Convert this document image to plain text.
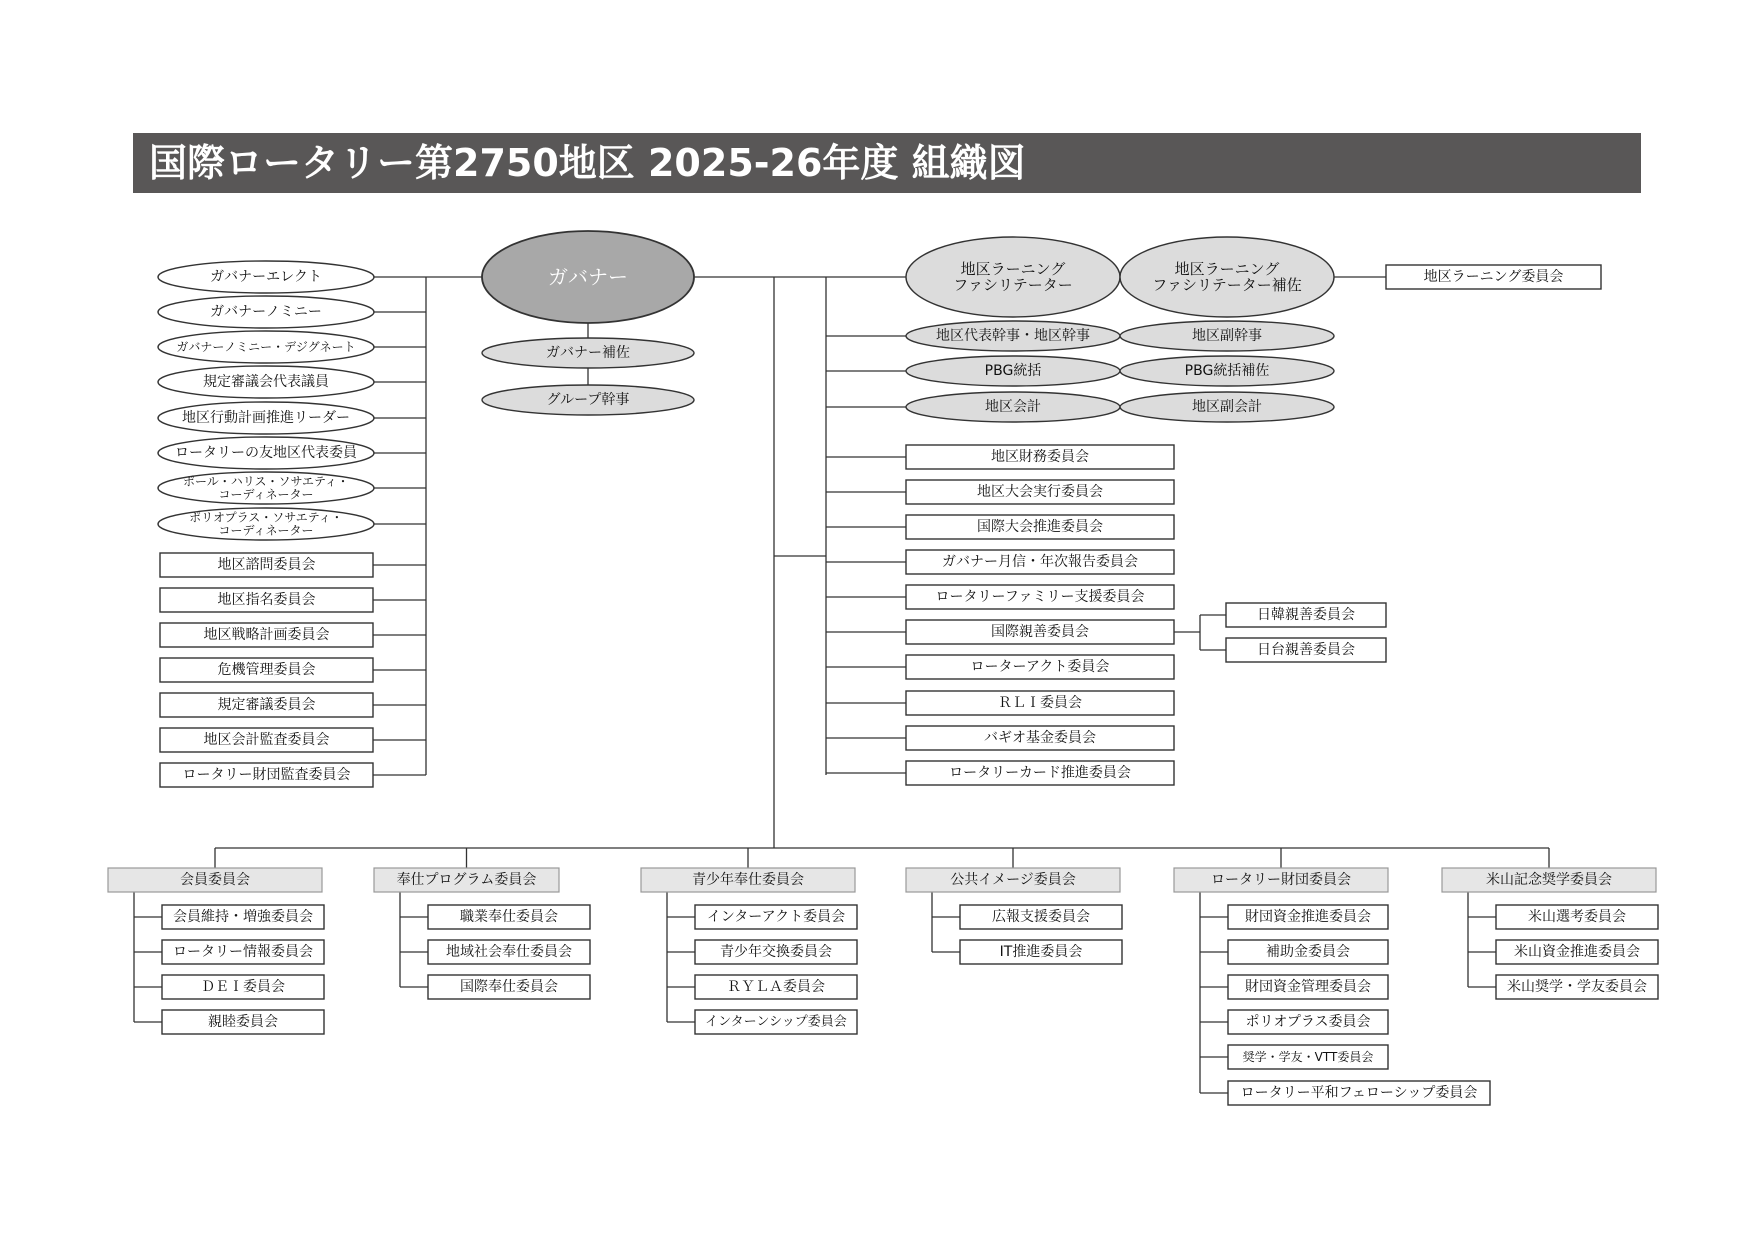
国際ロータリー第2750地区 2025-26年度 組織図
ガバナー
ガバナー補佐
グループ幹事
ガバナーエレクト
ガバナーノミニー
ガバナーノミニー・デジグネート
規定審議会代表議員
地区行動計画推進リーダー
ロータリーの友地区代表委員
ポール・ハリス・ソサエティ・
コーディネーター
ポリオプラス・ソサエティ・
コーディネーター
地区諮問委員会
地区指名委員会
地区戦略計画委員会
危機管理委員会
規定審議委員会
地区会計監査委員会
ロータリー財団監査委員会
地区ラーニング
ファシリテーター
地区ラーニング
ファシリテーター補佐	地区ラーニング委員会
地区代表幹事・地区幹事	地区副幹事
PBG統括	PBG統括補佐
地区会計	地区副会計
地区財務委員会
地区大会実行委員会
国際大会推進委員会
ガバナー月信・年次報告委員会
ロータリーファミリー支援委員会
国際親善委員会
ローターアクト委員会
ＲＬＩ委員会
バギオ基金委員会
ロータリーカード推進委員会
日韓親善委員会
日台親善委員会
会員委員会
会員維持・増強委員会
ロータリー情報委員会
ＤＥＩ委員会
親睦委員会
奉仕プログラム委員会
職業奉仕委員会
地域社会奉仕委員会
国際奉仕委員会
青少年奉仕委員会
インターアクト委員会
青少年交換委員会
ＲＹＬＡ委員会
インターンシップ委員会
公共イメージ委員会
広報支援委員会
IT推進委員会
ロータリー財団委員会
財団資金推進委員会
補助金委員会
財団資金管理委員会
ポリオプラス委員会
奨学・学友・VTT委員会
ロータリー平和フェローシップ委員会
米山記念奨学委員会
米山選考委員会
米山資金推進委員会
米山奨学・学友委員会
